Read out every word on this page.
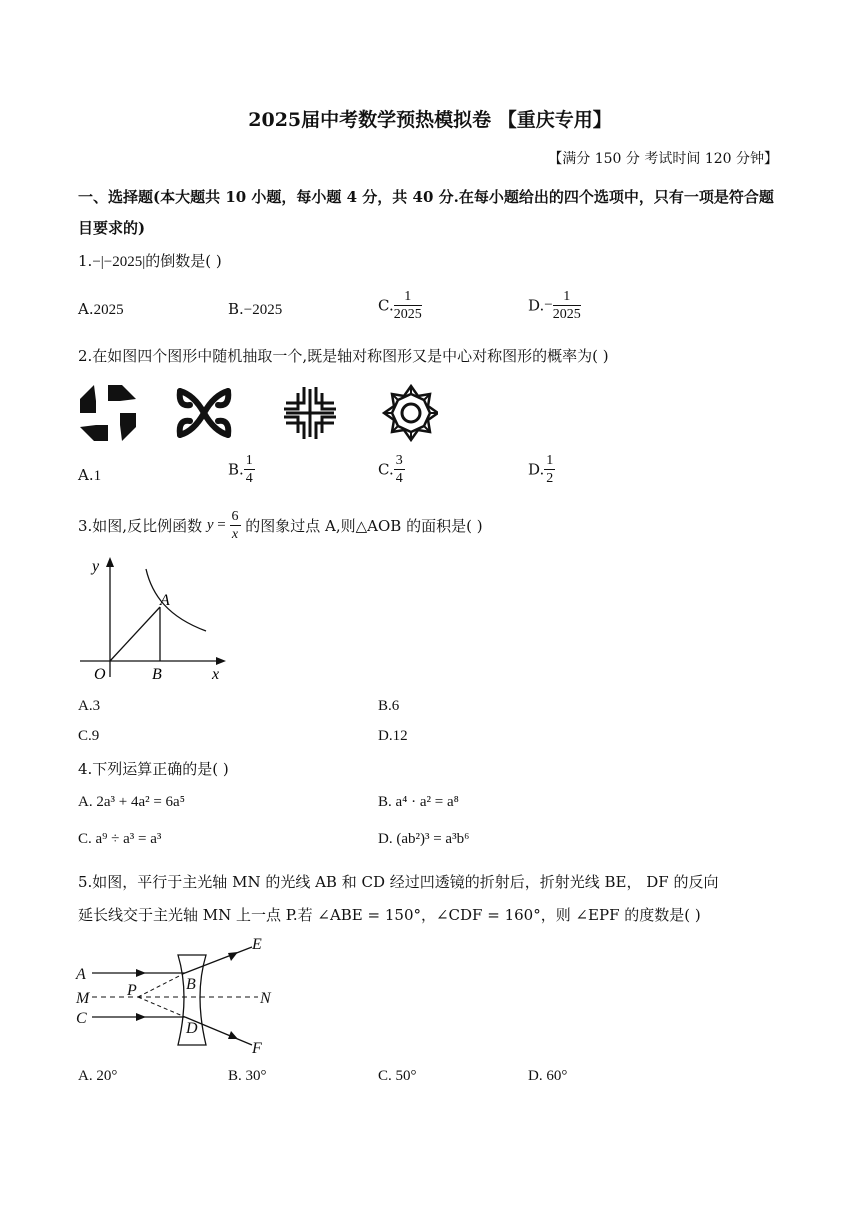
2025届中考数学预热模拟卷 【重庆专用】
【满分 150 分 考试时间 120 分钟】
一、选择题(本大题共 10 小题，每小题 4 分，共 40 分.在每小题给出的四个选项中，只有一项是符合题目要求的)
1.−|−2025|的倒数是( )
A.2025	B.−2025	C. $\frac{1}{2025}$	$D.- \frac{1}{2025}$
2.在如图四个图形中随机抽取一个,既是轴对称图形又是中心对称图形的概率为( )
A.1	B. $\frac{1}{4}$	C. $\frac{3}{4}$	D. $\frac{1}{2}$
3.如图,反比例函数 $y = \frac{6}{x}$ 的图象过点 A,则△AOB 的面积是( )
y
x
O
A
B
A.3	B.6
C.9	D.12
4.下列运算正确的是( )
A. 2a³ + 4a² = 6a⁵	B. a⁴ · a² = a⁸
C. a⁹ ÷ a³ = a³	D. (ab²)³ = a³b⁶
5.如图，平行于主光轴 MN 的光线 AB 和 CD 经过凹透镜的折射后，折射光线 BE， DF 的反向
延长线交于主光轴 MN 上一点 P.若 ∠ABE = 150°，∠CDF = 160°，则 ∠EPF 的度数是( )
A
M
C
P	B
D
E
N
F
A. 20°	B. 30°	C. 50°	D. 60°
